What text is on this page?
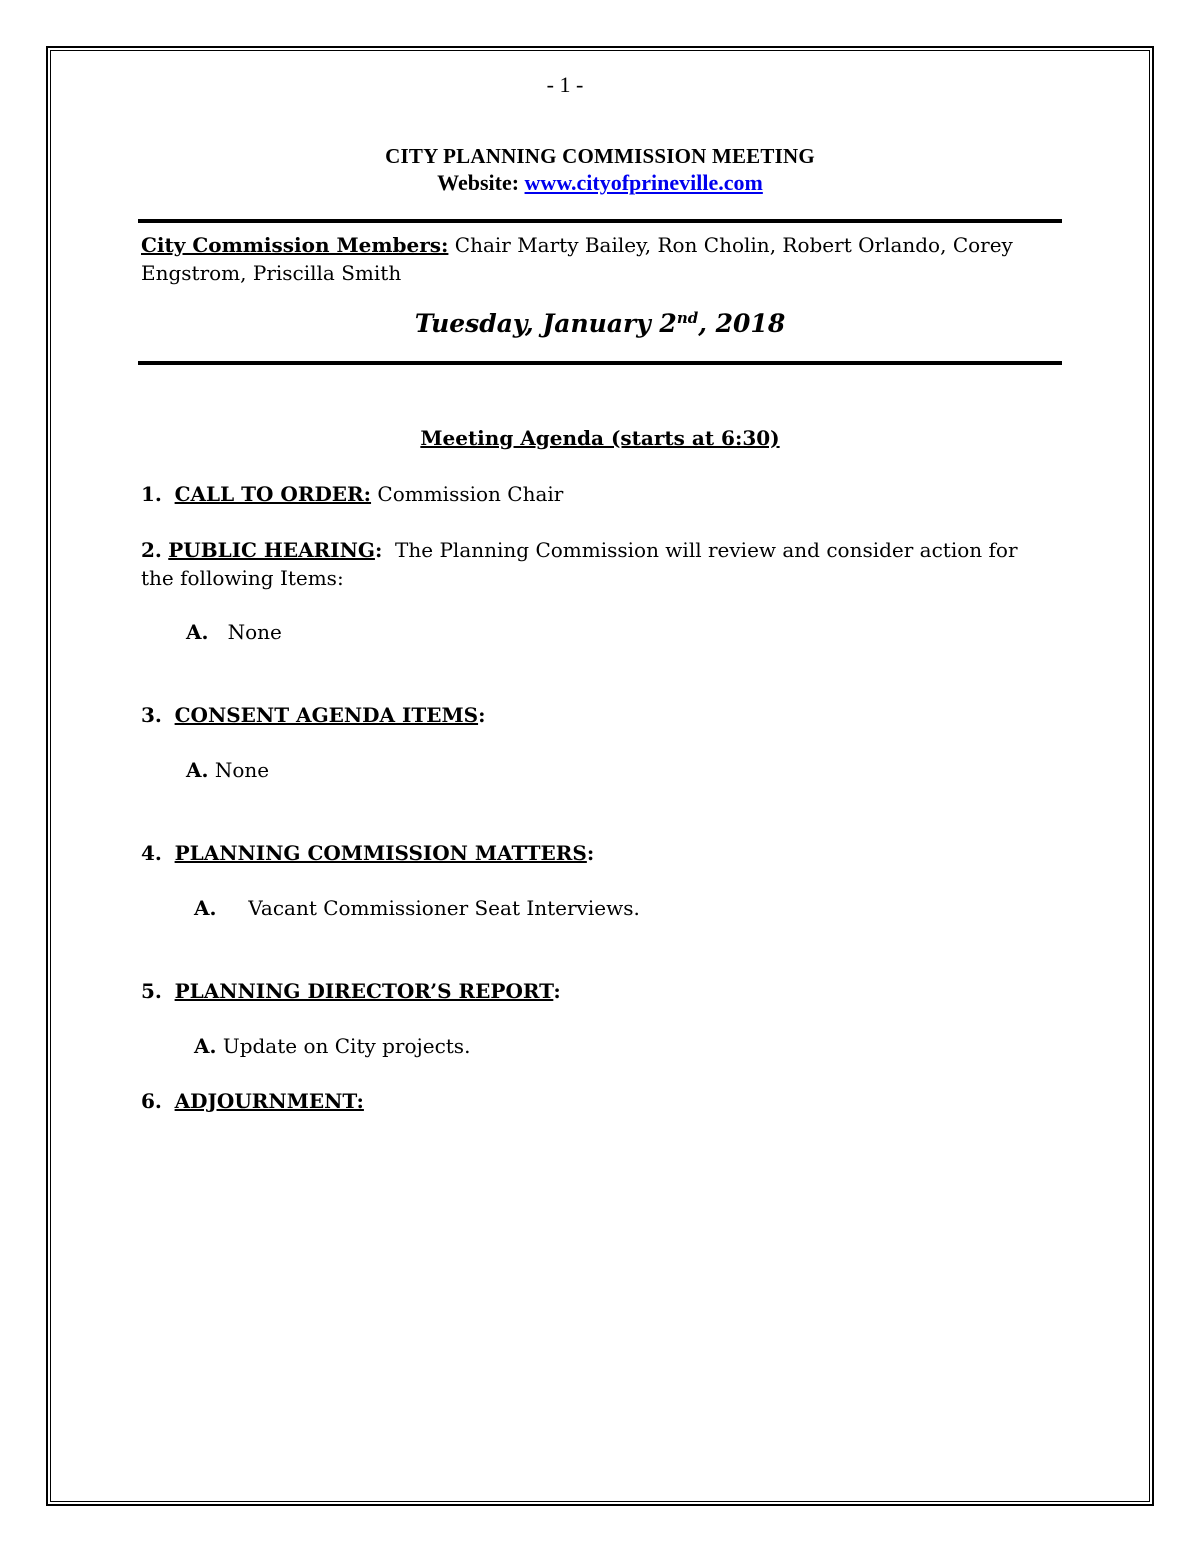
- 1 -
CITY PLANNING COMMISSION MEETING
Website: www.cityofprineville.com
City Commission Members: Chair Marty Bailey, Ron Cholin, Robert Orlando, Corey Engstrom, Priscilla Smith
Tuesday, January 2nd, 2018
Meeting Agenda (starts at 6:30)
1. CALL TO ORDER: Commission Chair
2. PUBLIC HEARING: The Planning Commission will review and consider action for the following Items:
A. None
3. CONSENT AGENDA ITEMS:
A. None
4. PLANNING COMMISSION MATTERS:
A. Vacant Commissioner Seat Interviews.
5. PLANNING DIRECTOR’S REPORT:
A. Update on City projects.
6. ADJOURNMENT:
